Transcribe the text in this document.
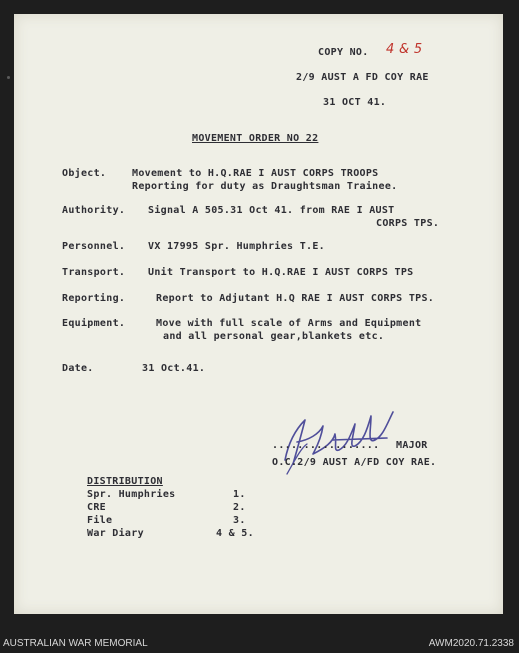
COPY NO. 4 & 5
2/9 AUST A FD COY RAE
31 OCT 41.
MOVEMENT ORDER NO 22
Object.	Movement to H.Q.RAE I AUST CORPS TROOPS
Reporting for duty as Draughtsman Trainee.
Authority. Signal A 505.31 Oct 41. from RAE I AUST
CORPS TPS.
Personnel. VX 17995 Spr. Humphries T.E.
Transport. Unit Transport to H.Q.RAE I AUST CORPS TPS
Reporting.	Report to Adjutant H.Q RAE I AUST CORPS TPS.
Equipment.	Move with full scale of Arms and Equipment
and all personal gear,blankets etc.
Date.	31 Oct.41.
................. MAJOR
O.C.2/9 AUST A/FD COY RAE.
DISTRIBUTION
Spr. Humphries	1.
CRE	2.
File	3.
War Diary	4 & 5.
AUSTRALIAN WAR MEMORIAL	AWM2020.71.2338
